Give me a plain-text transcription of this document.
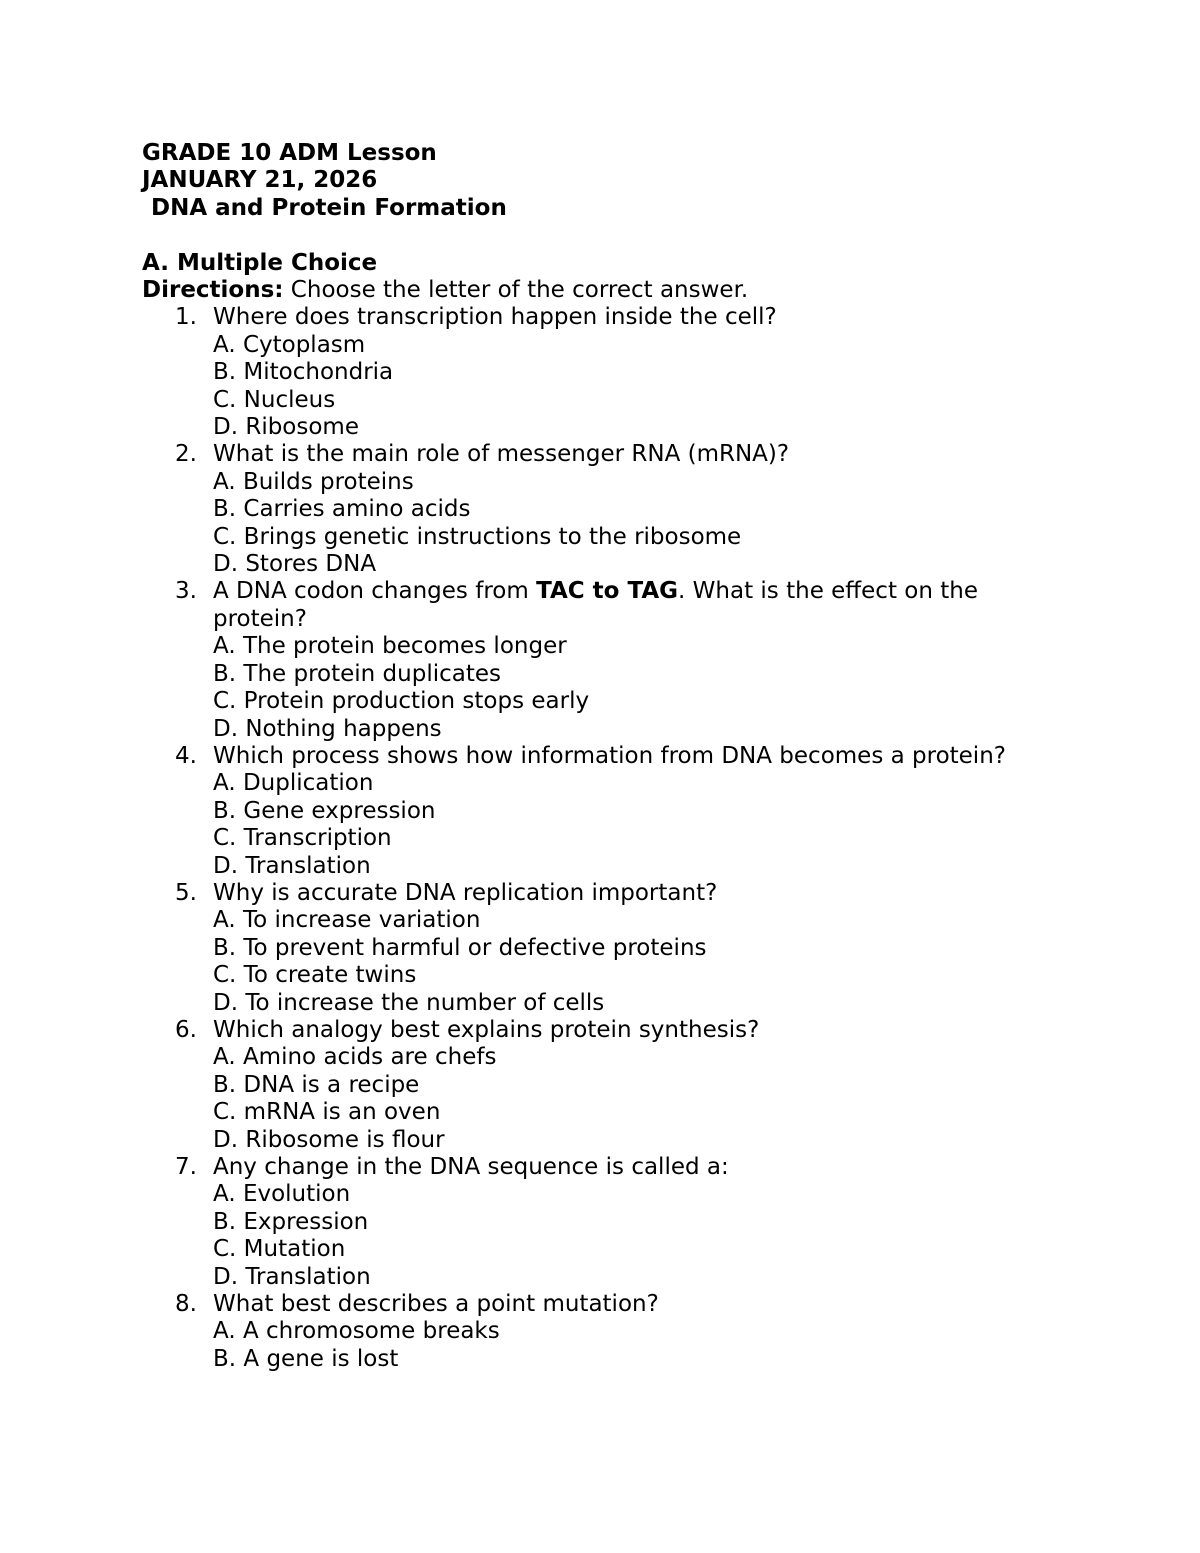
GRADE 10 ADM Lesson

JANUARY 21, 2026

DNA and Protein Formation

A. Multiple Choice

Directions: Choose the letter of the correct answer.

1. Where does transcription happen inside the cell?

A. Cytoplasm
B. Mitochondria
C. Nucleus
D. Ribosome
2. What is the main role of messenger RNA (mRNA)?

A. Builds proteins
B. Carries amino acids
C. Brings genetic instructions to the ribosome
D. Stores DNA
3. A DNA codon changes from TAC to TAG. What is the effect on the protein?

A. The protein becomes longer
B. The protein duplicates
C. Protein production stops early
D. Nothing happens
4. Which process shows how information from DNA becomes a protein?

A. Duplication
B. Gene expression
C. Transcription
D. Translation
5. Why is accurate DNA replication important?

A. To increase variation
B. To prevent harmful or defective proteins
C. To create twins
D. To increase the number of cells
6. Which analogy best explains protein synthesis?

A. Amino acids are chefs
B. DNA is a recipe
C. mRNA is an oven
D. Ribosome is flour
7. Any change in the DNA sequence is called a:

A. Evolution
B. Expression
C. Mutation
D. Translation
8. What best describes a point mutation?

A. A chromosome breaks
B. A gene is lost
